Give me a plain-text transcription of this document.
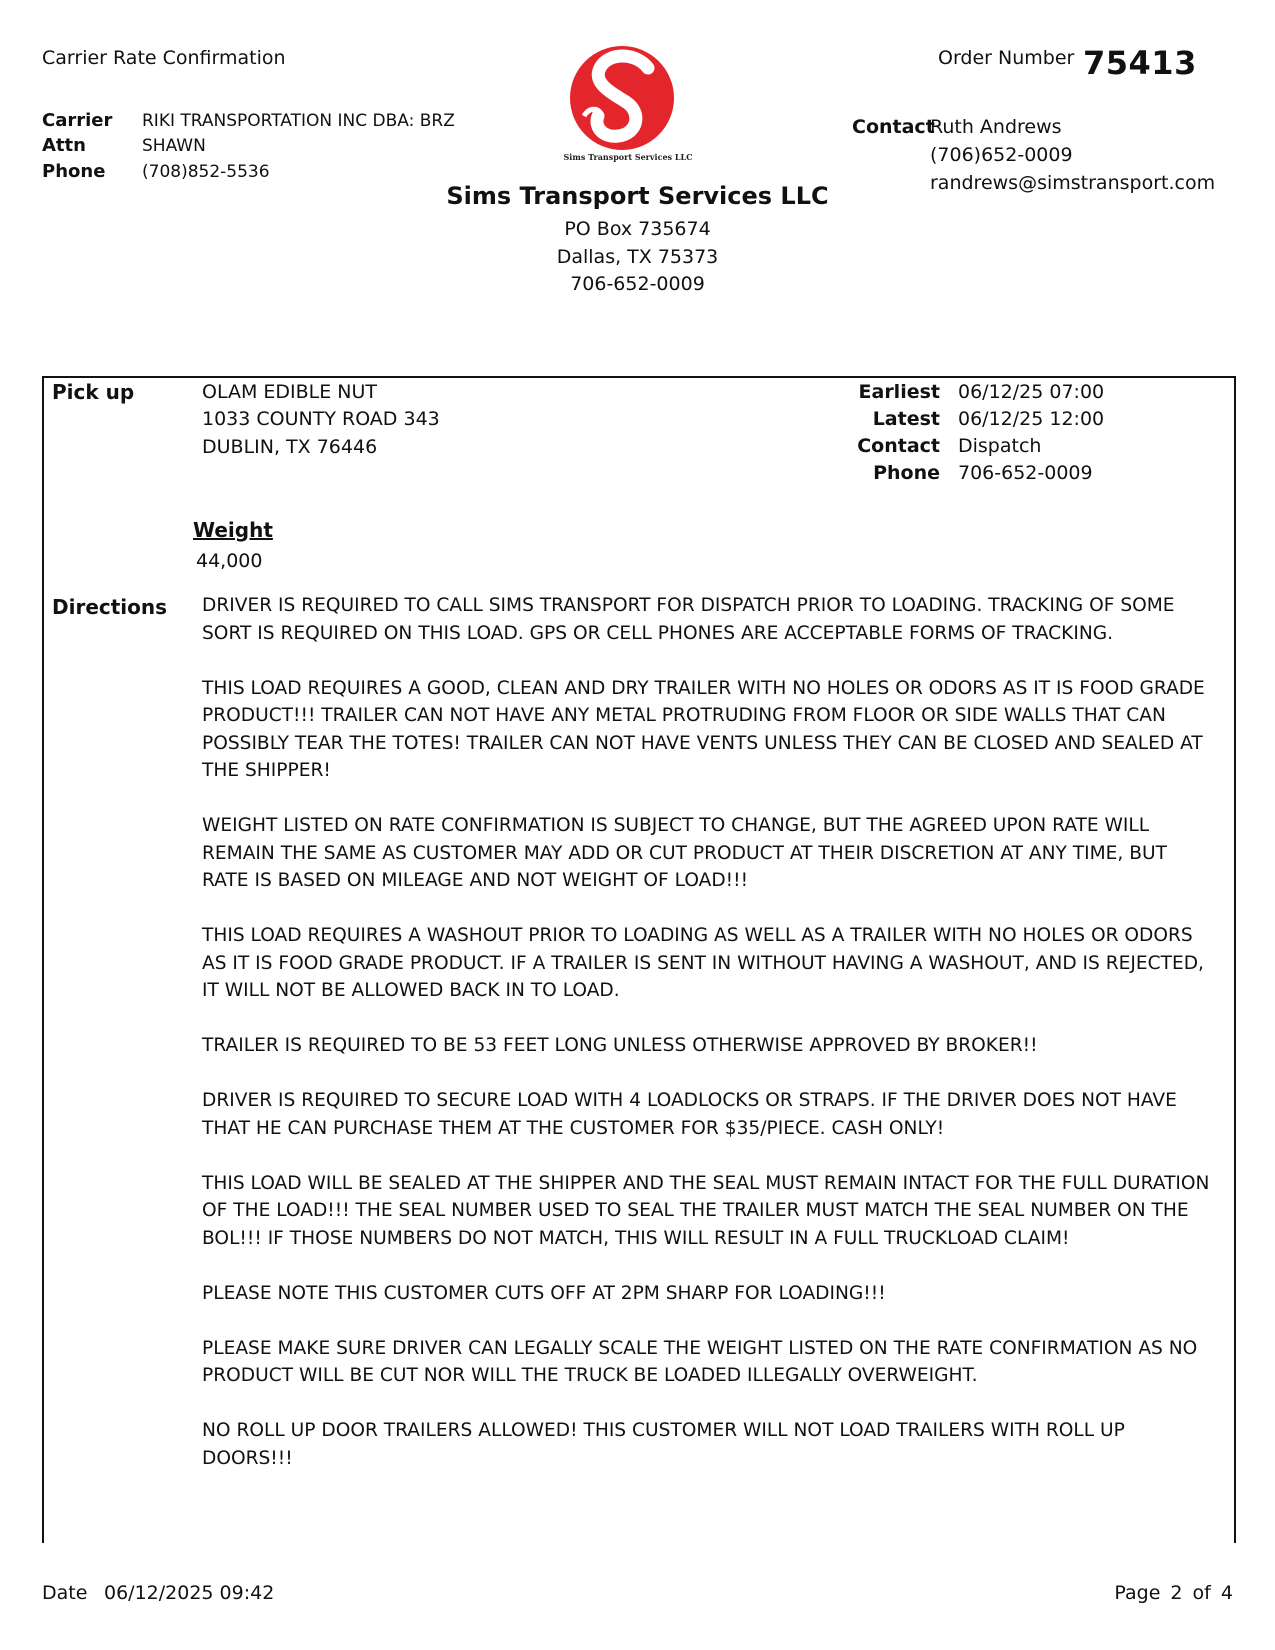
Carrier Rate Confirmation	Order Number 75413
Carrier RIKI TRANSPORTATION INC DBA: BRZ
Attn	SHAWN
Phone (708)852-5536
Sims Transport Services LLC
Sims Transport Services LLC
PO Box 735674
Dallas, TX 75373
706-652-0009
Contact
Ruth Andrews
(706)652-0009
randrews@simstransport.com
Pick up	OLAM EDIBLE NUT
1033 COUNTY ROAD 343
DUBLIN, TX 76446
Earliest 06/12/25 07:00
Latest 06/12/25 12:00
Contact Dispatch
Phone 706-652-0009
Weight
44,000
Directions DRIVER IS REQUIRED TO CALL SIMS TRANSPORT FOR DISPATCH PRIOR TO LOADING. TRACKING OF SOME SORT IS REQUIRED ON THIS LOAD. GPS OR CELL PHONES ARE ACCEPTABLE FORMS OF TRACKING.

THIS LOAD REQUIRES A GOOD, CLEAN AND DRY TRAILER WITH NO HOLES OR ODORS AS IT IS FOOD GRADE PRODUCT!!! TRAILER CAN NOT HAVE ANY METAL PROTRUDING FROM FLOOR OR SIDE WALLS THAT CAN POSSIBLY TEAR THE TOTES! TRAILER CAN NOT HAVE VENTS UNLESS THEY CAN BE CLOSED AND SEALED AT THE SHIPPER!

WEIGHT LISTED ON RATE CONFIRMATION IS SUBJECT TO CHANGE, BUT THE AGREED UPON RATE WILL REMAIN THE SAME AS CUSTOMER MAY ADD OR CUT PRODUCT AT THEIR DISCRETION AT ANY TIME, BUT RATE IS BASED ON MILEAGE AND NOT WEIGHT OF LOAD!!!

THIS LOAD REQUIRES A WASHOUT PRIOR TO LOADING AS WELL AS A TRAILER WITH NO HOLES OR ODORS AS IT IS FOOD GRADE PRODUCT. IF A TRAILER IS SENT IN WITHOUT HAVING A WASHOUT, AND IS REJECTED, IT WILL NOT BE ALLOWED BACK IN TO LOAD.

TRAILER IS REQUIRED TO BE 53 FEET LONG UNLESS OTHERWISE APPROVED BY BROKER!!

DRIVER IS REQUIRED TO SECURE LOAD WITH 4 LOADLOCKS OR STRAPS. IF THE DRIVER DOES NOT HAVE THAT HE CAN PURCHASE THEM AT THE CUSTOMER FOR $35/PIECE. CASH ONLY!

THIS LOAD WILL BE SEALED AT THE SHIPPER AND THE SEAL MUST REMAIN INTACT FOR THE FULL DURATION OF THE LOAD!!! THE SEAL NUMBER USED TO SEAL THE TRAILER MUST MATCH THE SEAL NUMBER ON THE BOL!!! IF THOSE NUMBERS DO NOT MATCH, THIS WILL RESULT IN A FULL TRUCKLOAD CLAIM!

PLEASE NOTE THIS CUSTOMER CUTS OFF AT 2PM SHARP FOR LOADING!!!

PLEASE MAKE SURE DRIVER CAN LEGALLY SCALE THE WEIGHT LISTED ON THE RATE CONFIRMATION AS NO PRODUCT WILL BE CUT NOR WILL THE TRUCK BE LOADED ILLEGALLY OVERWEIGHT.

NO ROLL UP DOOR TRAILERS ALLOWED! THIS CUSTOMER WILL NOT LOAD TRAILERS WITH ROLL UP DOORS!!!

Date 06/12/2025 09:42	Page 2 of 4
